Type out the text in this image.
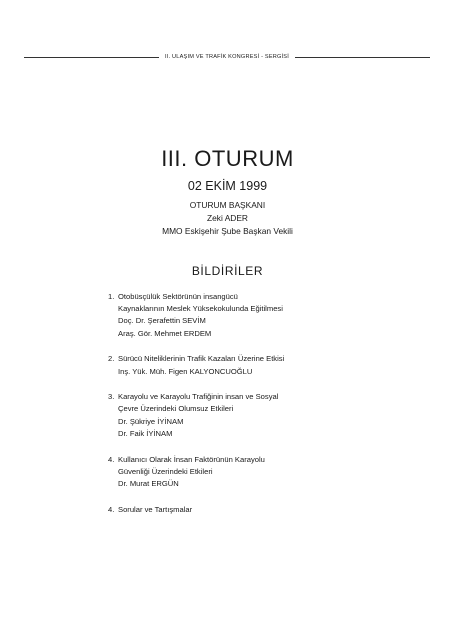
II. ULAŞIM VE TRAFİK KONGRESİ - SERGİSİ
III. OTURUM
02 EKİM 1999
OTURUM BAŞKANI
Zeki ADER
MMO Eskişehir Şube Başkan Vekili
BİLDİRİLER
1. Otobüsçülük Sektörünün insangücü
Kaynaklarının Meslek Yüksekokulunda Eğitilmesi
Doç. Dr. Şerafettin SEVİM
Araş. Gör. Mehmet ERDEM
2. Sürücü Niteliklerinin Trafik Kazaları Üzerine Etkisi
Inş. Yük. Müh. Figen KALYONCUOĞLU
3. Karayolu ve Karayolu Trafiğinin insan ve Sosyal
Çevre Üzerindeki Olumsuz Etkileri
Dr. Şükriye İYİNAM
Dr. Faik İYİNAM
4. Kullanıcı Olarak İnsan Faktörünün Karayolu
Güvenliği Üzerindeki Etkileri
Dr. Murat ERGÜN
4. Sorular ve Tartışmalar
